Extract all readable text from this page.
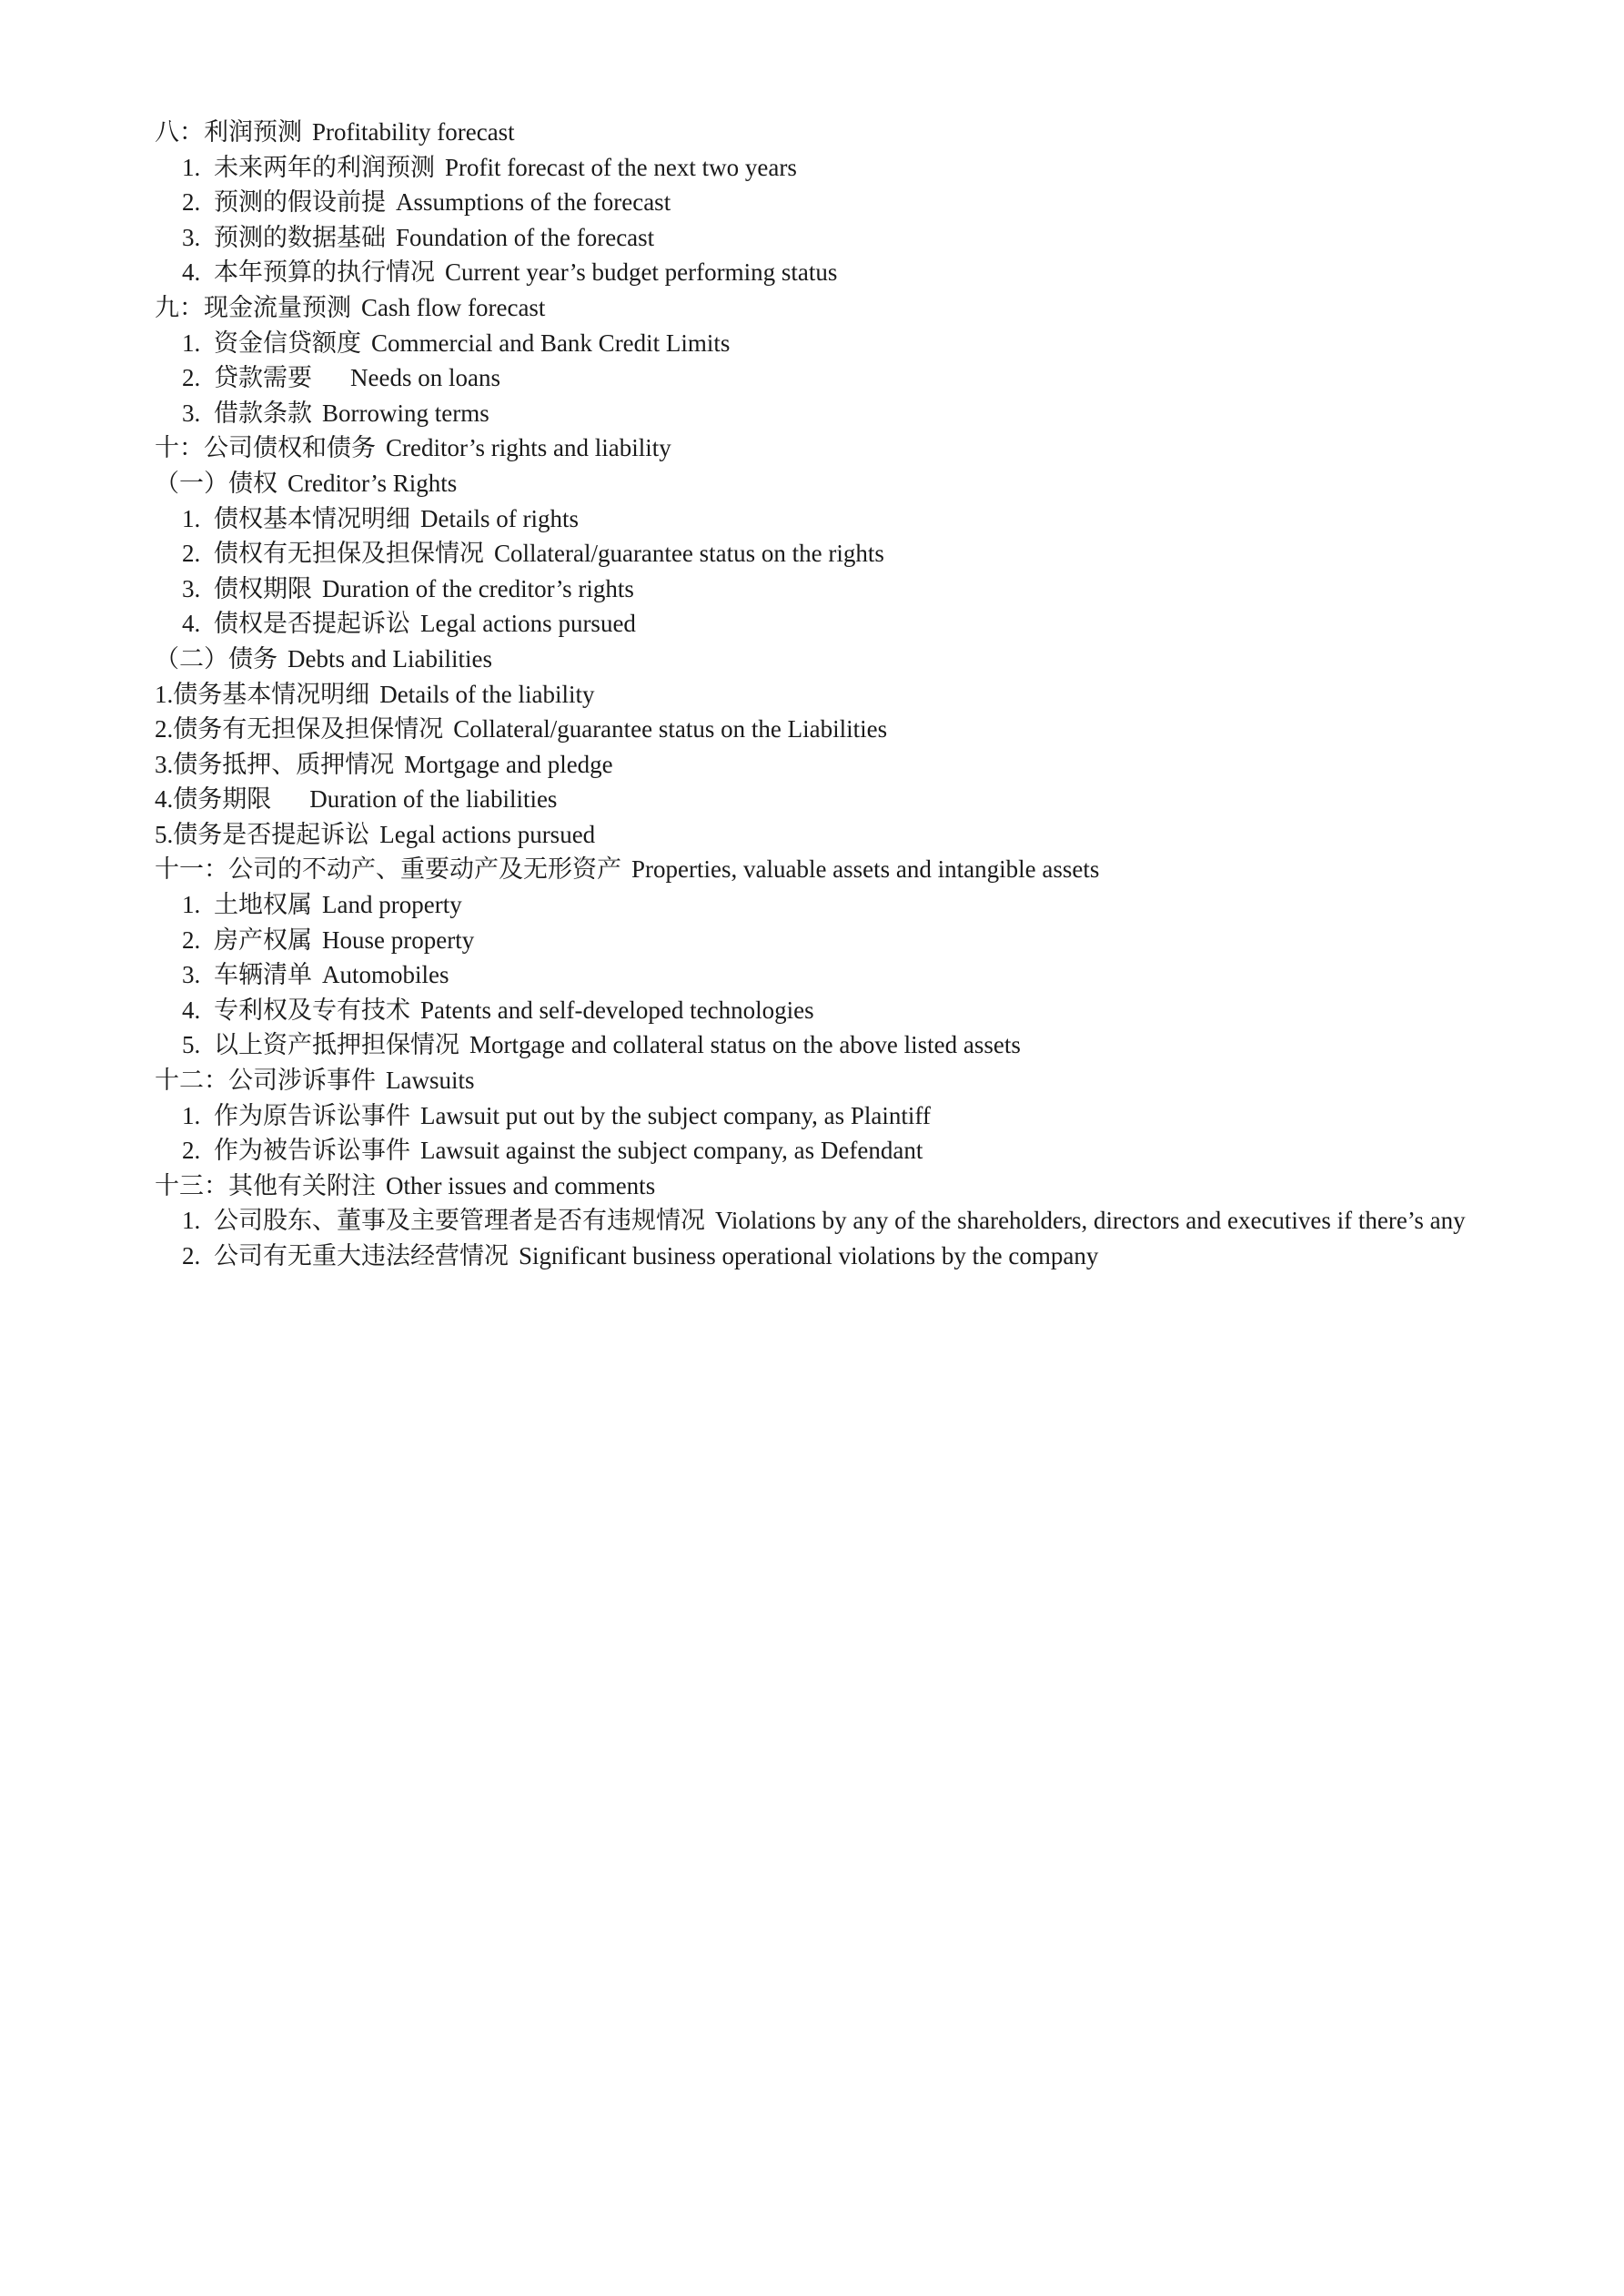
八：利润预测 Profitability forecast
1. 未来两年的利润预测 Profit forecast of the next two years
2. 预测的假设前提 Assumptions of the forecast
3. 预测的数据基础 Foundation of the forecast
4. 本年预算的执行情况 Current year’s budget performing status
九：现金流量预测 Cash flow forecast
1. 资金信贷额度 Commercial and Bank Credit Limits
2. 贷款需要 Needs on loans
3. 借款条款 Borrowing terms
十：公司债权和债务 Creditor’s rights and liability
（一）债权 Creditor’s Rights
1. 债权基本情况明细 Details of rights
2. 债权有无担保及担保情况 Collateral/guarantee status on the rights
3. 债权期限 Duration of the creditor’s rights
4. 债权是否提起诉讼 Legal actions pursued
（二）债务 Debts and Liabilities
1.债务基本情况明细 Details of the liability
2.债务有无担保及担保情况 Collateral/guarantee status on the Liabilities
3.债务抵押、质押情况 Mortgage and pledge
4.债务期限 Duration of the liabilities
5.债务是否提起诉讼 Legal actions pursued
十一：公司的不动产、重要动产及无形资产 Properties, valuable assets and intangible assets
1. 土地权属 Land property
2. 房产权属 House property
3. 车辆清单 Automobiles
4. 专利权及专有技术 Patents and self-developed technologies
5. 以上资产抵押担保情况 Mortgage and collateral status on the above listed assets
十二：公司涉诉事件 Lawsuits
1. 作为原告诉讼事件 Lawsuit put out by the subject company, as Plaintiff
2. 作为被告诉讼事件 Lawsuit against the subject company, as Defendant
十三：其他有关附注 Other issues and comments
1. 公司股东、董事及主要管理者是否有违规情况 Violations by any of the shareholders, directors and executives if there’s any
2. 公司有无重大违法经营情况 Significant business operational violations by the company
